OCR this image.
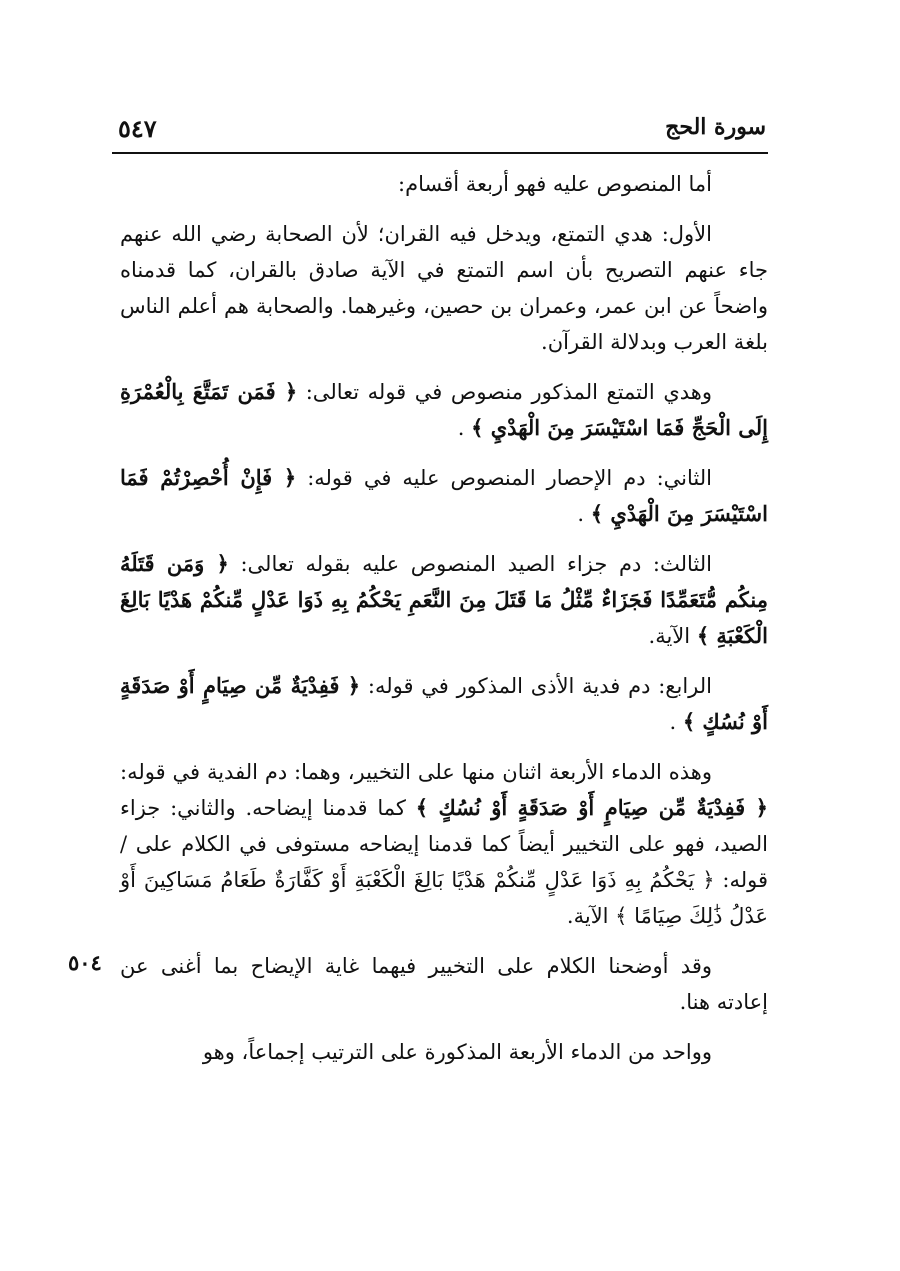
سورة الحج
٥٤٧
٥٠٤

أما المنصوص عليه فهو أربعة أقسام:

الأول: هدي التمتع، ويدخل فيه القران؛ لأن الصحابة رضي الله عنهم جاء عنهم التصريح بأن اسم التمتع في الآية صادق بالقران، كما قدمناه واضحاً عن ابن عمر، وعمران بن حصين، وغيرهما. والصحابة هم أعلم الناس بلغة العرب وبدلالة القرآن.

وهدي التمتع المذكور منصوص في قوله تعالى: ﴿ فَمَن تَمَتَّعَ بِالْعُمْرَةِ إِلَى الْحَجِّ فَمَا اسْتَيْسَرَ مِنَ الْهَدْيِ ﴾ .

الثاني: دم الإحصار المنصوص عليه في قوله: ﴿ فَإِنْ أُحْصِرْتُمْ فَمَا اسْتَيْسَرَ مِنَ الْهَدْيِ ﴾ .

الثالث: دم جزاء الصيد المنصوص عليه بقوله تعالى: ﴿ وَمَن قَتَلَهُ مِنكُم مُّتَعَمِّدًا فَجَزَاءٌ مِّثْلُ مَا قَتَلَ مِنَ النَّعَمِ يَحْكُمُ بِهِ ذَوَا عَدْلٍ مِّنكُمْ هَدْيًا بَالِغَ الْكَعْبَةِ ﴾ الآية.

الرابع: دم فدية الأذى المذكور في قوله: ﴿ فَفِدْيَةٌ مِّن صِيَامٍ أَوْ صَدَقَةٍ أَوْ نُسُكٍ ﴾ .

وهذه الدماء الأربعة اثنان منها على التخيير، وهما: دم الفدية في قوله: ﴿ فَفِدْيَةٌ مِّن صِيَامٍ أَوْ صَدَقَةٍ أَوْ نُسُكٍ ﴾ كما قدمنا إيضاحه. والثاني: جزاء الصيد، فهو على التخيير أيضاً كما قدمنا إيضاحه مستوفى في الكلام على / قوله: ﴿ يَحْكُمُ بِهِ ذَوَا عَدْلٍ مِّنكُمْ هَدْيًا بَالِغَ الْكَعْبَةِ أَوْ كَفَّارَةٌ طَعَامُ مَسَاكِينَ أَوْ عَدْلُ ذَٰلِكَ صِيَامًا ﴾ الآية.

وقد أوضحنا الكلام على التخيير فيهما غاية الإيضاح بما أغنى عن إعادته هنا.

وواحد من الدماء الأربعة المذكورة على الترتيب إجماعاً، وهو
